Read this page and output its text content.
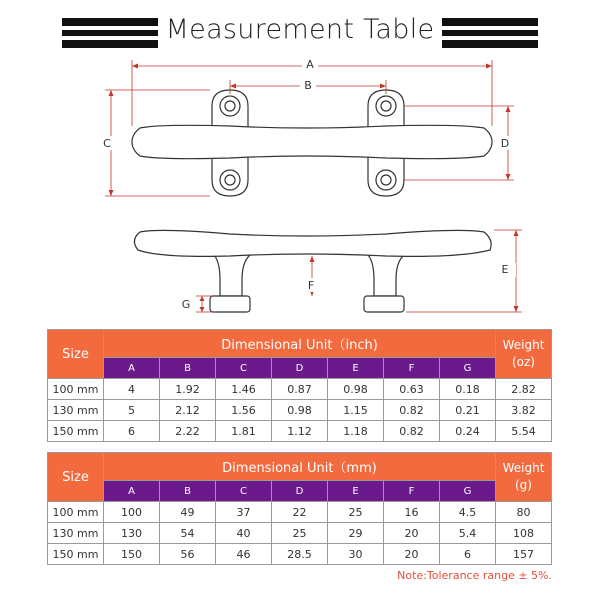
Measurement Table
A
B
C	D
E
F
G
Size	Dimensional Unit（inch)							Weight
(oz)
	A	B	C	D	E	F	G	
100 mm	4	1.92	1.46	0.87	0.98	0.63	0.18	2.82
130 mm	5	2.12	1.56	0.98	1.15	0.82	0.21	3.82
150 mm	6	2.22	1.81	1.12	1.18	0.82	0.24	5.54
Size	Dimensional Unit（mm)							Weight
(g)
	A	B	C	D	E	F	G	
100 mm	100	49	37	22	25	16	4.5	80
130 mm	130	54	40	25	29	20	5.4	108
150 mm	150	56	46	28.5	30	20	6	157
Note:Tolerance range ± 5%.
